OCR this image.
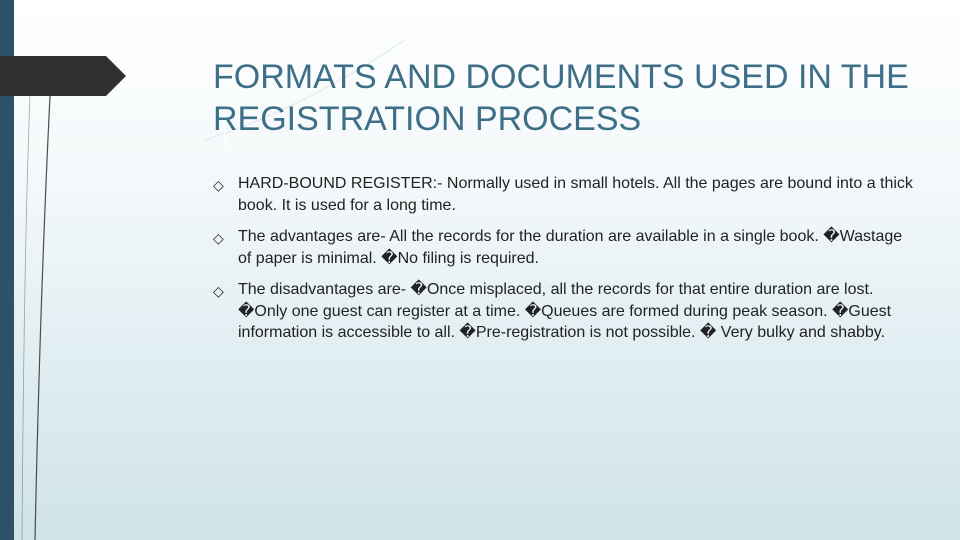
FORMATS AND DOCUMENTS USED IN THE REGISTRATION PROCESS
◇ HARD-BOUND REGISTER:- Normally used in small hotels. All the pages are bound into a thick book. It is used for a long time.
◇ The advantages are- All the records for the duration are available in a single book. �Wastage of paper is minimal. �No filing is required.
◇ The disadvantages are- �Once misplaced, all the records for that entire duration are lost. �Only one guest can register at a time. �Queues are formed during peak season. �Guest information is accessible to all. �Pre-registration is not possible. � Very bulky and shabby.
